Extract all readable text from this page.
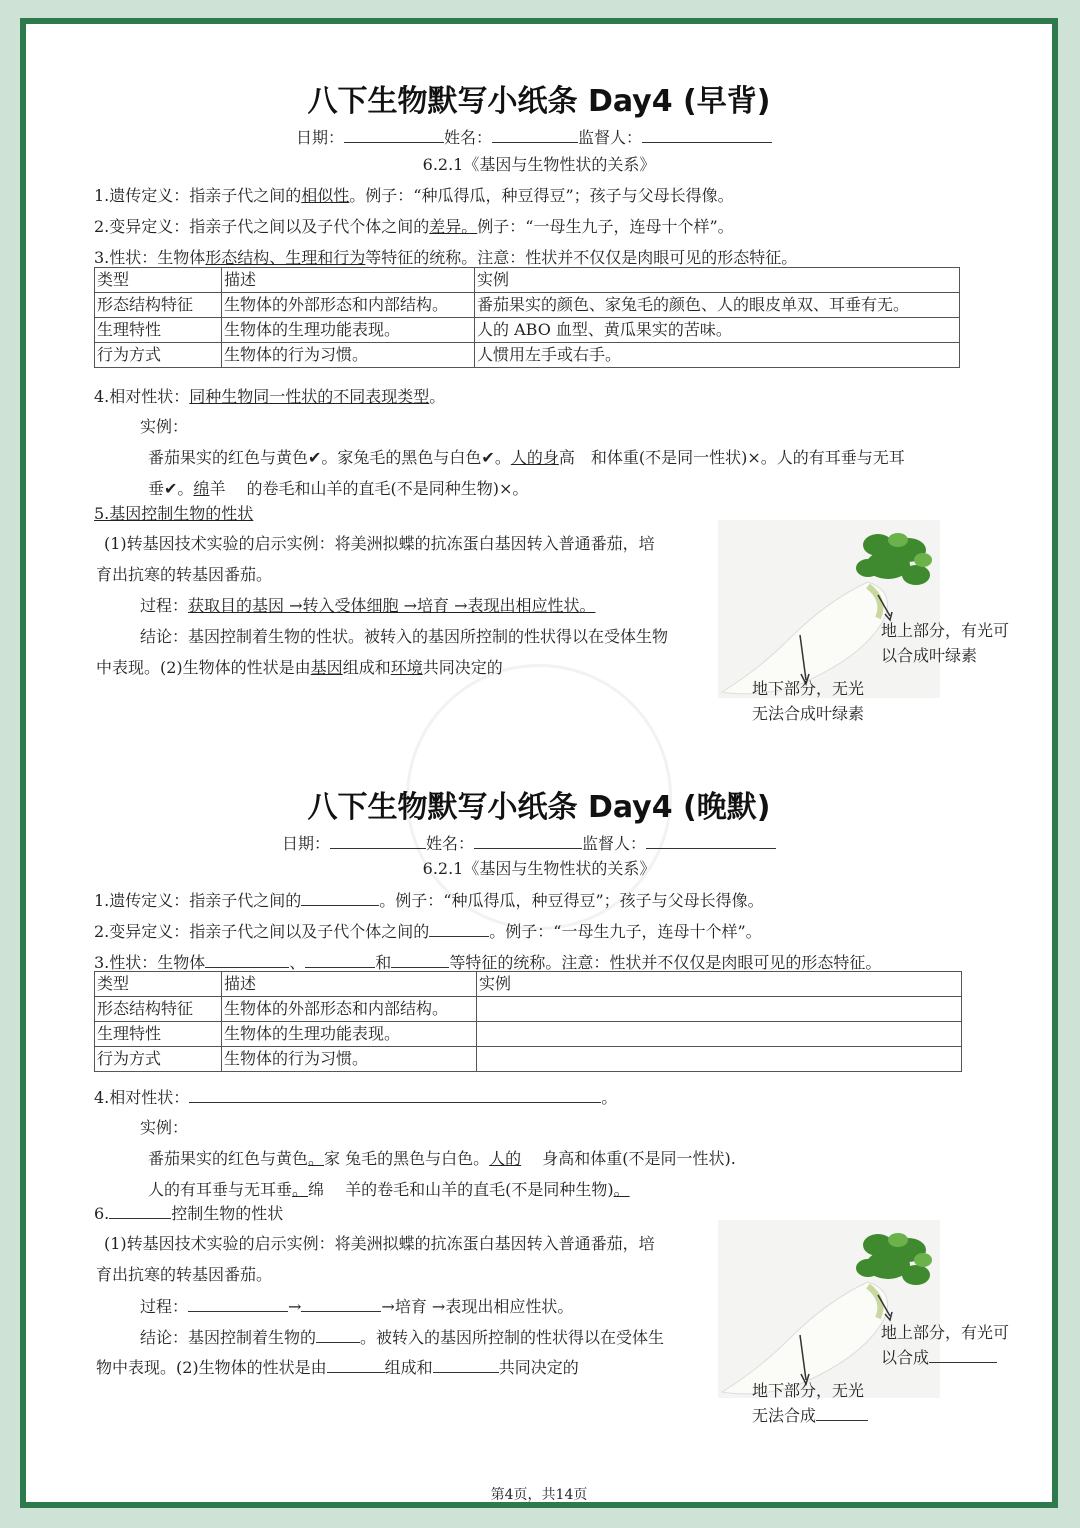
八下生物默写小纸条 Day4 (早背)
日期：	姓名：	监督人：
6.2.1《基因与生物性状的关系》
1.遗传定义：指亲子代之间的相似性。例子：“种瓜得瓜，种豆得豆”；孩子与父母长得像。
2.变异定义：指亲子代之间以及子代个体之间的差异。例子：“一母生九子，连母十个样”。
3.性状：生物体形态结构、生理和行为等特征的统称。注意：性状并不仅仅是肉眼可见的形态特征。
类型	描述	实例
形态结构特征	生物体的外部形态和内部结构。	番茄果实的颜色、家兔毛的颜色、人的眼皮单双、耳垂有无。
生理特性	生物体的生理功能表现。	人的 ABO 血型、黄瓜果实的苦味。
行为方式	生物体的行为习惯。	人惯用左手或右手。
4.相对性状：同种生物同一性状的不同表现类型。
实例：
番茄果实的红色与黄色✔。家兔毛的黑色与白色✔。人的身高　和体重(不是同一性状)×。人的有耳垂与无耳
垂✔。绵羊　 的卷毛和山羊的直毛(不是同种生物)×。
5.基因控制生物的性状
(1)转基因技术实验的启示实例：将美洲拟蝶的抗冻蛋白基因转入普通番茄，培
育出抗寒的转基因番茄。
过程：获取目的基因 →转入受体细胞 →培育 →表现出相应性状。
结论：基因控制着生物的性状。被转入的基因所控制的性状得以在受体生物
中表现。(2)生物体的性状是由基因组成和环境共同决定的
地上部分，有光可
以合成叶绿素
地下部分，无光
无法合成叶绿素
八下生物默写小纸条 Day4 (晚默)
日期：	姓名：	监督人：
6.2.1《基因与生物性状的关系》
1.遗传定义：指亲子代之间的	。例子：“种瓜得瓜，种豆得豆”；孩子与父母长得像。
2.变异定义：指亲子代之间以及子代个体之间的	。例子：“一母生九子，连母十个样”。
3.性状：生物体	、	和	等特征的统称。注意：性状并不仅仅是肉眼可见的形态特征。
类型	描述	实例
形态结构特征	生物体的外部形态和内部结构。	
生理特性	生物体的生理功能表现。	
行为方式	生物体的行为习惯。	
4.相对性状：	。
实例：
番茄果实的红色与黄色。家 兔毛的黑色与白色。人的　 身高和体重(不是同一性状).
人的有耳垂与无耳垂。绵　 羊的卷毛和山羊的直毛(不是同种生物)。
6.	控制生物的性状
(1)转基因技术实验的启示实例：将美洲拟蝶的抗冻蛋白基因转入普通番茄，培
育出抗寒的转基因番茄。
过程：	→	→培育 →表现出相应性状。
结论：基因控制着生物的	。被转入的基因所控制的性状得以在受体生
物中表现。(2)生物体的性状是由	组成和	共同决定的
地上部分，有光可
以合成
地下部分，无光
无法合成
第4页，共14页
